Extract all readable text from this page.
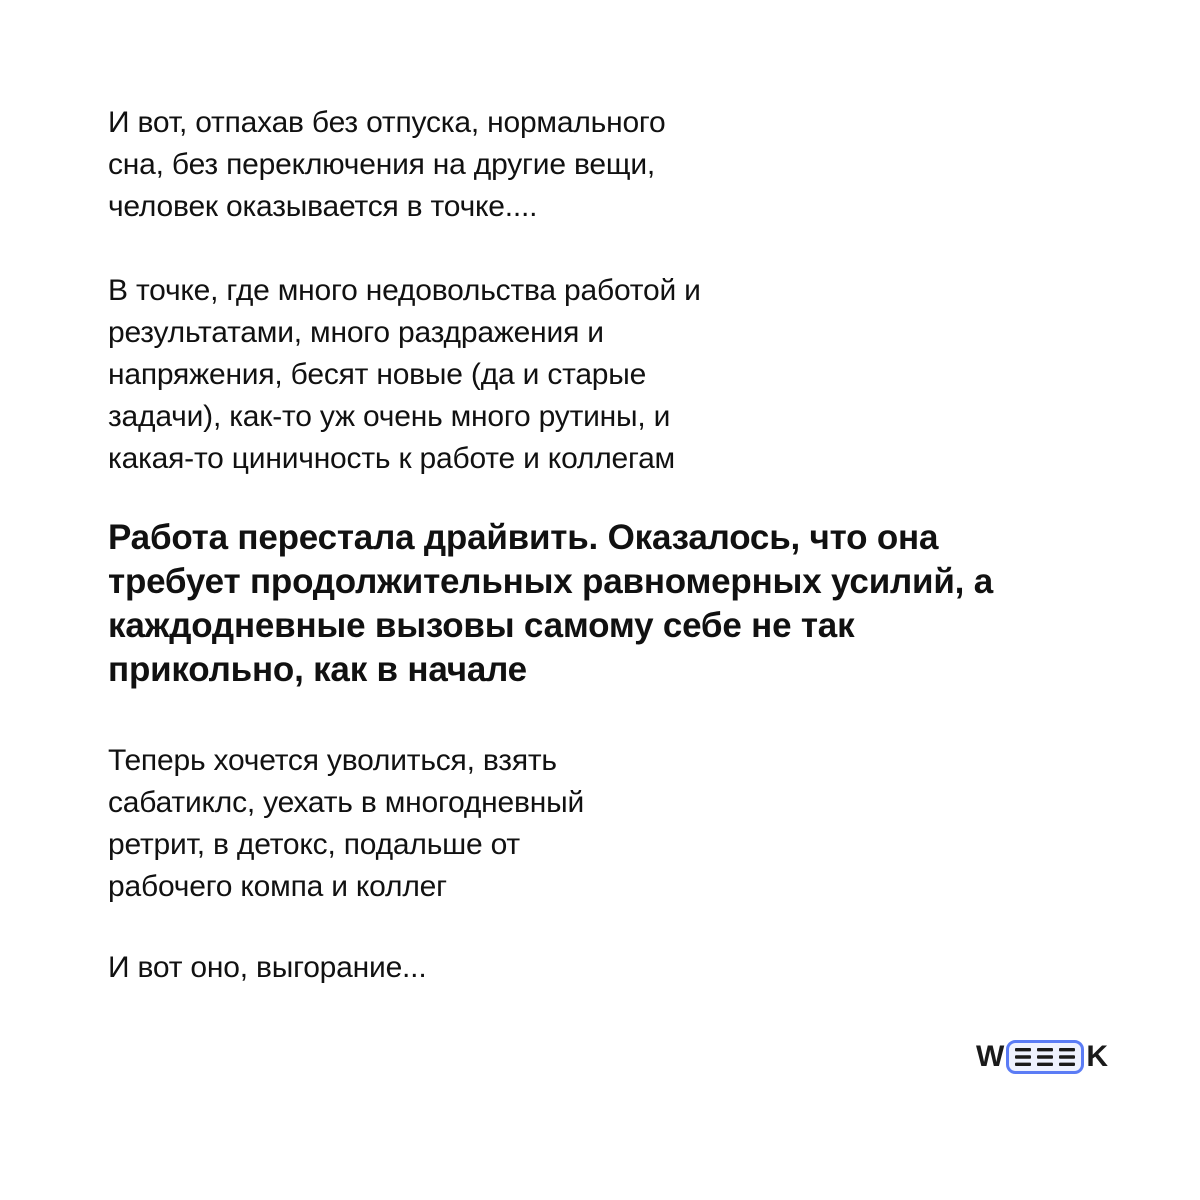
И вот, отпахав без отпуска, нормального
сна, без переключения на другие вещи,
человек оказывается в точке....
В точке, где много недовольства работой и
результатами, много раздражения и
напряжения, бесят новые (да и старые
задачи), как-то уж очень много рутины, и
какая-то циничность к работе и коллегам
Работа перестала драйвить. Оказалось, что она
требует продолжительных равномерных усилий, а
каждодневные вызовы самому себе не так
прикольно, как в начале
Теперь хочется уволиться, взять
сабатиклс, уехать в многодневный
ретрит, в детокс, подальше от
рабочего компа и коллег
И вот оно, выгорание...
W	K
